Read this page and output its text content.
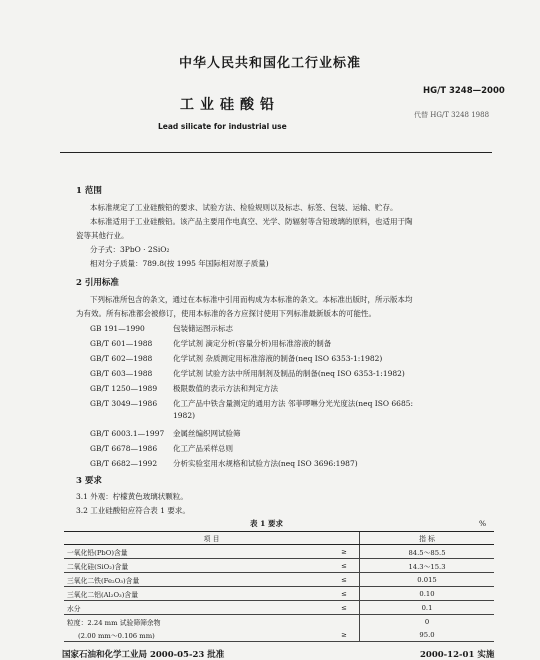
中华人民共和国化工行业标准
HG/T 3248—2000
工业硅酸铅
代替 HG/T 3248 1988
Lead silicate for industrial use
1 范围
本标准规定了工业硅酸铅的要求、试验方法、检验规则以及标志、标签、包装、运输、贮存。
本标准适用于工业硅酸铅。该产品主要用作电真空、光学、防辐射等含铅玻璃的原料，也适用于陶
瓷等其他行业。
分子式：3PbO · 2SiO₂
相对分子质量：789.8(按 1995 年国际相对原子质量)
2 引用标准
下列标准所包含的条文，通过在本标准中引用而构成为本标准的条文。本标准出版时，所示版本均
为有效。所有标准都会被修订，使用本标准的各方应探讨使用下列标准最新版本的可能性。
GB 191—1990	包装储运图示标志
GB/T 601—1988	化学试剂 滴定分析(容量分析)用标准溶液的制备
GB/T 602—1988	化学试剂 杂质测定用标准溶液的制备(neq ISO 6353-1:1982)
GB/T 603—1988	化学试剂 试验方法中所用制剂及制品的制备(neq ISO 6353-1:1982)
GB/T 1250—1989 极限数值的表示方法和判定方法
GB/T 3049—1986 化工产品中铁含量测定的通用方法 邻菲啰啉分光光度法(neq ISO 6685:
1982)
GB/T 6003.1—1997 金属丝编织网试验筛
GB/T 6678—1986 化工产品采样总则
GB/T 6682—1992 分析实验室用水规格和试验方法(neq ISO 3696:1987)
3 要求
3.1 外观：柠檬黄色玻璃状颗粒。
3.2 工业硅酸铅应符合表 1 要求。
表 1 要求	%
项 目		指 标
一氧化铅(PbO)含量	≥	84.5～85.5
二氧化硅(SiO₂)含量	≤	14.3～15.3
三氧化二铁(Fe₂O₃)含量	≤	0.015
三氧化二铝(Al₂O₃)含量	≤	0.10
水分	≤	0.1
粒度：2.24 mm 试验筛筛余物		0
(2.00 mm～0.106 mm)	≥	95.0
国家石油和化学工业局 2000-05-23 批准	2000-12-01 实施
